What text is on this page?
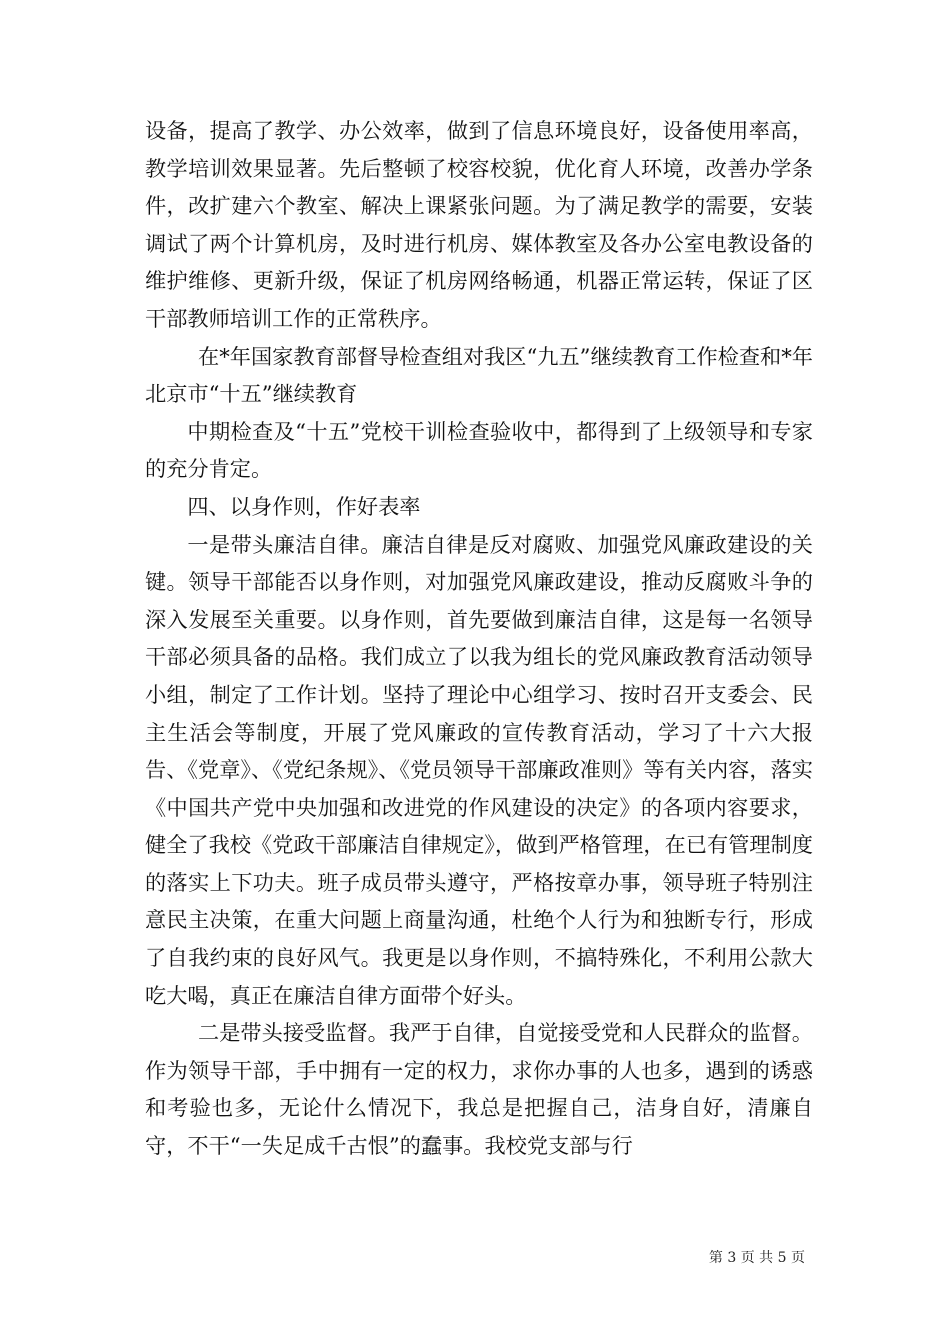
设备，提高了教学、办公效率，做到了信息环境良好，设备使用率高，教学培训效果显著。先后整顿了校容校貌，优化育人环境，改善办学条件，改扩建六个教室、解决上课紧张问题。为了满足教学的需要，安装调试了两个计算机房，及时进行机房、媒体教室及各办公室电教设备的维护维修、更新升级，保证了机房网络畅通，机器正常运转，保证了区干部教师培训工作的正常秩序。

在*年国家教育部督导检查组对我区“九五”继续教育工作检查和*年北京市“十五”继续教育

中期检查及“十五”党校干训检查验收中，都得到了上级领导和专家的充分肯定。

四、以身作则，作好表率

一是带头廉洁自律。廉洁自律是反对腐败、加强党风廉政建设的关键。领导干部能否以身作则，对加强党风廉政建设，推动反腐败斗争的深入发展至关重要。以身作则，首先要做到廉洁自律，这是每一名领导干部必须具备的品格。我们成立了以我为组长的党风廉政教育活动领导小组，制定了工作计划。坚持了理论中心组学习、按时召开支委会、民主生活会等制度，开展了党风廉政的宣传教育活动，学习了十六大报告、《党章》、《党纪条规》、《党员领导干部廉政准则》等有关内容，落实《中国共产党中央加强和改进党的作风建设的决定》的各项内容要求，健全了我校《党政干部廉洁自律规定》，做到严格管理，在已有管理制度的落实上下功夫。班子成员带头遵守，严格按章办事，领导班子特别注意民主决策，在重大问题上商量沟通，杜绝个人行为和独断专行，形成了自我约束的良好风气。我更是以身作则，不搞特殊化，不利用公款大吃大喝，真正在廉洁自律方面带个好头。

二是带头接受监督。我严于自律，自觉接受党和人民群众的监督。作为领导干部，手中拥有一定的权力，求你办事的人也多，遇到的诱惑和考验也多，无论什么情况下，我总是把握自己，洁身自好，清廉自守，不干“一失足成千古恨”的蠢事。我校党支部与行

第 3 页 共 5 页
